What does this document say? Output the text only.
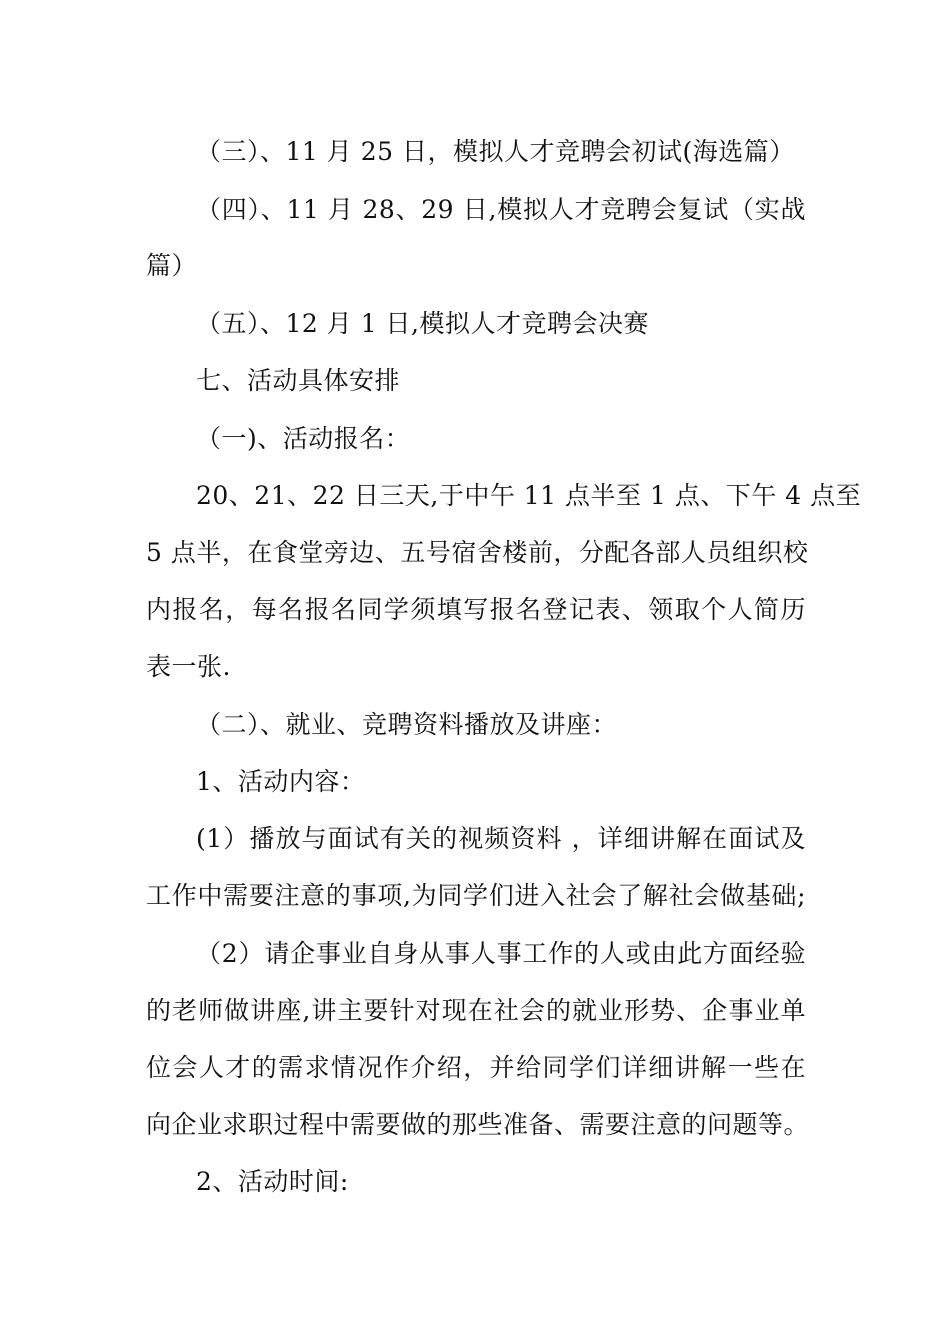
（三）、11 月 25 日，模拟人才竞聘会初试(海选篇）
（四）、11 月 28、29 日,模拟人才竞聘会复试（实战
篇）
（五）、12 月 1 日,模拟人才竞聘会决赛
七、活动具体安排
（一)、活动报名：
20、21、22 日三天,于中午 11 点半至 1 点、下午 4 点至
5 点半，在食堂旁边、五号宿舍楼前，分配各部人员组织校
内报名，每名报名同学须填写报名登记表、领取个人简历
表一张.
（二）、就业、竞聘资料播放及讲座：
1、活动内容：
(1）播放与面试有关的视频资料 ，详细讲解在面试及
工作中需要注意的事项,为同学们进入社会了解社会做基础;
（2）请企事业自身从事人事工作的人或由此方面经验
的老师做讲座,讲主要针对现在社会的就业形势、企事业单
位会人才的需求情况作介绍，并给同学们详细讲解一些在
向企业求职过程中需要做的那些准备、需要注意的问题等。
2、活动时间:
